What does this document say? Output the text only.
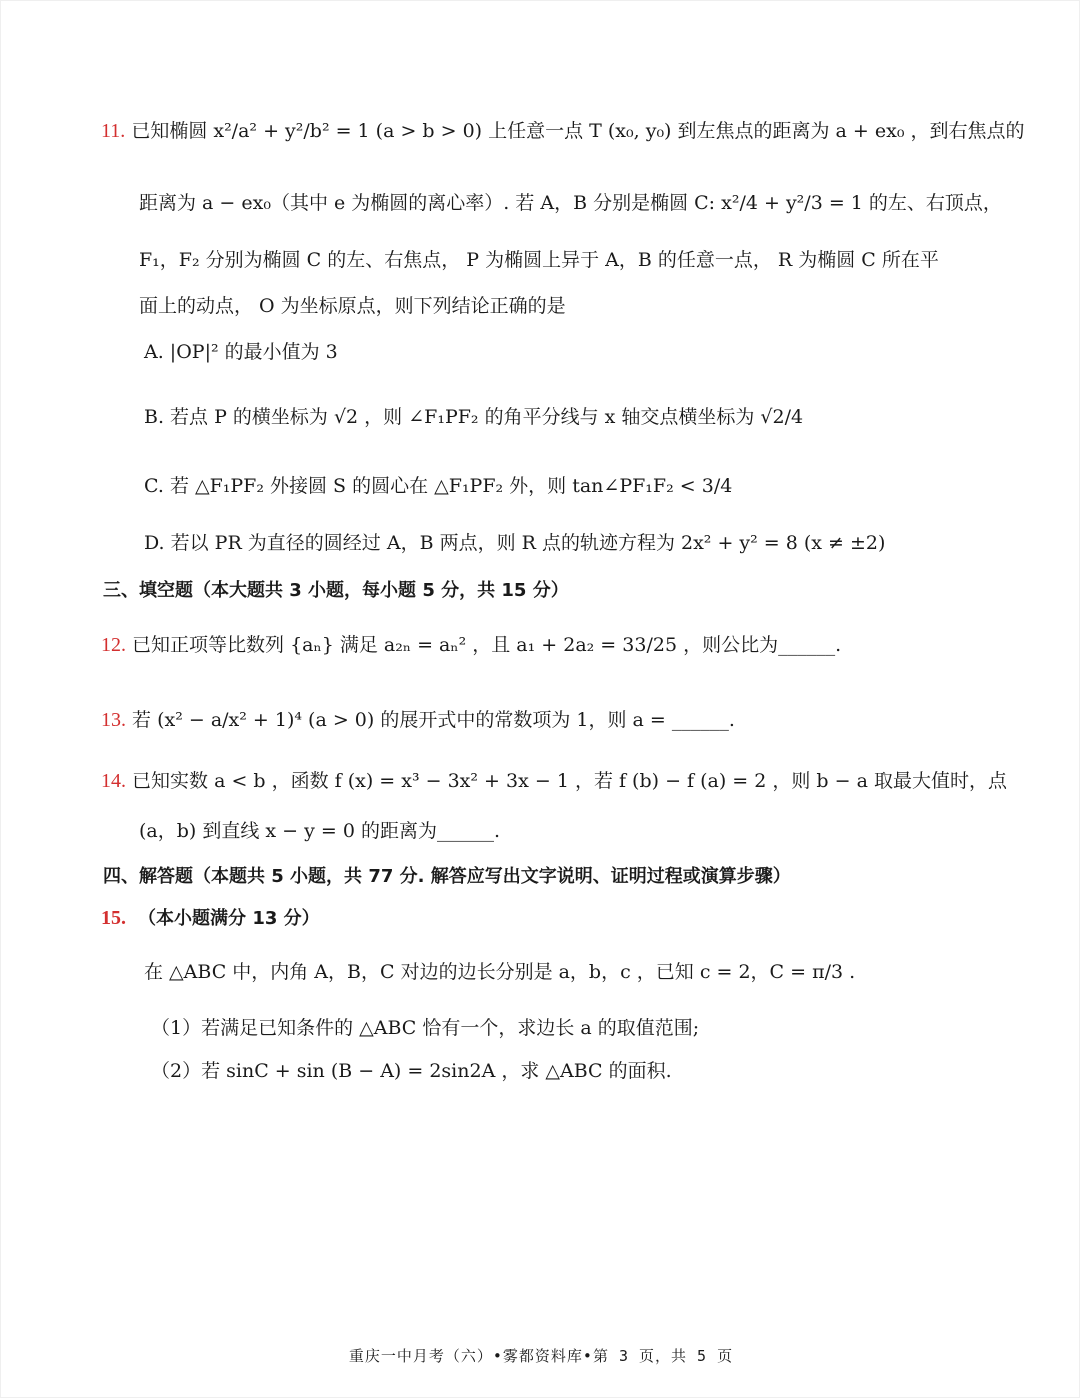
11. 已知椭圆 x²/a² + y²/b² = 1 (a > b > 0) 上任意一点 T (x₀, y₀) 到左焦点的距离为 a + ex₀ ，到右焦点的
距离为 a − ex₀（其中 e 为椭圆的离心率）. 若 A，B 分别是椭圆 C: x²/4 + y²/3 = 1 的左、右顶点，
F₁，F₂ 分别为椭圆 C 的左、右焦点， P 为椭圆上异于 A，B 的任意一点， R 为椭圆 C 所在平
面上的动点， O 为坐标原点，则下列结论正确的是
A. |OP|² 的最小值为 3
B. 若点 P 的横坐标为 √2 ，则 ∠F₁PF₂ 的角平分线与 x 轴交点横坐标为 √2/4
C. 若 △F₁PF₂ 外接圆 S 的圆心在 △F₁PF₂ 外，则 tan∠PF₁F₂ < 3/4
D. 若以 PR 为直径的圆经过 A，B 两点，则 R 点的轨迹方程为 2x² + y² = 8 (x ≠ ±2)
三、填空题（本大题共 3 小题，每小题 5 分，共 15 分）
12. 已知正项等比数列 {aₙ} 满足 a₂ₙ = aₙ² ，且 a₁ + 2a₂ = 33/25 ，则公比为______.
13. 若 (x² − a/x² + 1)⁴ (a > 0) 的展开式中的常数项为 1，则 a = ______.
14. 已知实数 a < b ，函数 f (x) = x³ − 3x² + 3x − 1 ，若 f (b) − f (a) = 2 ，则 b − a 取最大值时，点
(a，b) 到直线 x − y = 0 的距离为______.
四、解答题（本题共 5 小题，共 77 分. 解答应写出文字说明、证明过程或演算步骤）
15. （本小题满分 13 分）
在 △ABC 中，内角 A，B，C 对边的边长分别是 a，b，c ，已知 c = 2，C = π/3 .
（1）若满足已知条件的 △ABC 恰有一个，求边长 a 的取值范围;
（2）若 sinC + sin (B − A) = 2sin2A ，求 △ABC 的面积.
重庆一中月考（六）•雾都资料库•第 3 页，共 5 页
